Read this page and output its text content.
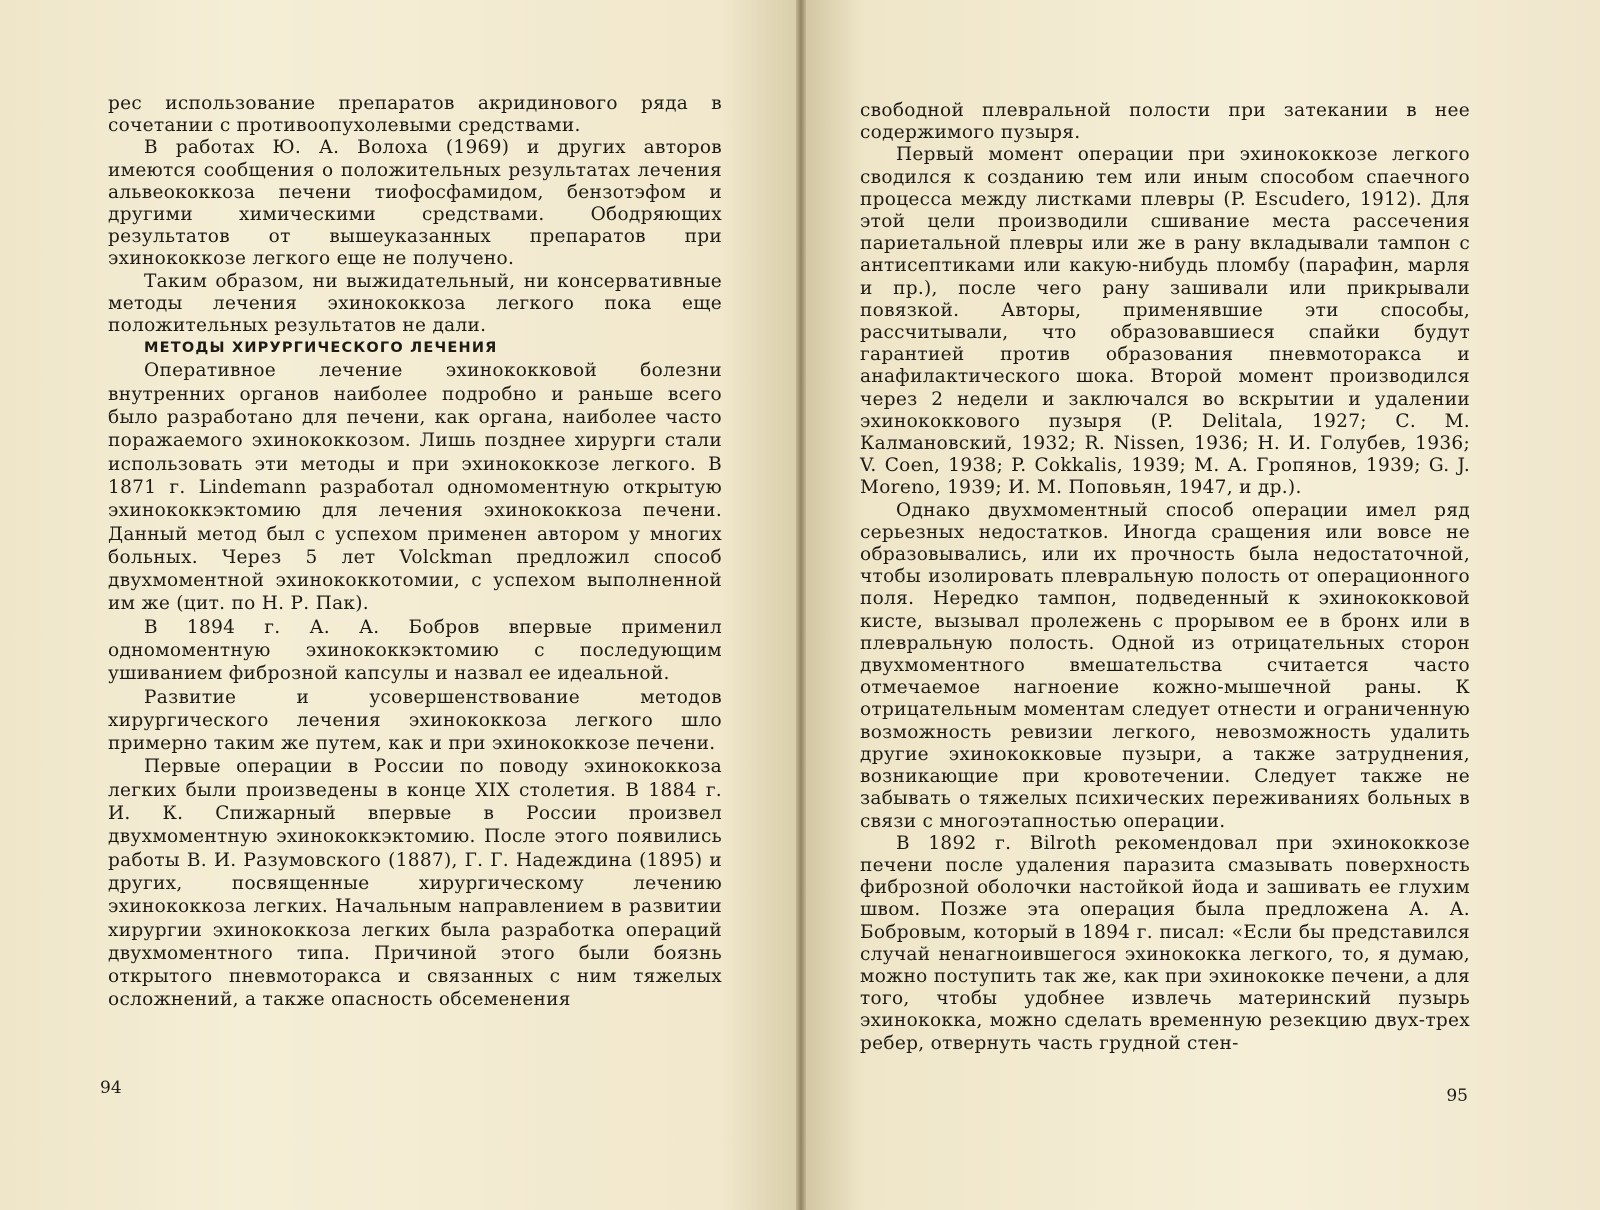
рес использование препаратов акридинового ряда в сочетании с противоопухолевыми средствами.

В работах Ю. А. Волоха (1969) и других авторов имеются сообщения о положительных результатах лечения альвеококкоза печени тиофосфамидом, бензотэфом и другими химическими средствами. Ободряющих результатов от вышеуказанных препаратов при эхинококкозе легкого еще не получено.

Таким образом, ни выжидательный, ни консервативные методы лечения эхинококкоза легкого пока еще положительных результатов не дали.

МЕТОДЫ ХИРУРГИЧЕСКОГО ЛЕЧЕНИЯ

Оперативное лечение эхинококковой болезни внутренних органов наиболее подробно и раньше всего было разработано для печени, как органа, наиболее часто поражаемого эхинококкозом. Лишь позднее хирурги стали использовать эти методы и при эхинококкозе легкого. В 1871 г. Lindemann разработал одномоментную открытую эхинококкэктомию для лечения эхинококкоза печени. Данный метод был с успехом применен автором у многих больных. Через 5 лет Volckman предложил способ двухмоментной эхинококкотомии, с успехом выполненной им же (цит. по Н. Р. Пак).

В 1894 г. А. А. Бобров впервые применил одномоментную эхинококкэктомию с последующим ушиванием фиброзной капсулы и назвал ее идеальной.

Развитие и усовершенствование методов хирургического лечения эхинококкоза легкого шло примерно таким же путем, как и при эхинококкозе печени.

Первые операции в России по поводу эхинококкоза легких были произведены в конце XIX столетия. В 1884 г. И. К. Спижарный впервые в России произвел двухмоментную эхинококкэктомию. После этого появились работы В. И. Разумовского (1887), Г. Г. Надеждина (1895) и других, посвященные хирургическому лечению эхинококкоза легких. Начальным направлением в развитии хирургии эхинококкоза легких была разработка операций двухмоментного типа. Причиной этого были боязнь открытого пневмоторакса и связанных с ним тяжелых осложнений, а также опасность обсеменения

94

свободной плевральной полости при затекании в нее содержимого пузыря.

Первый момент операции при эхинококкозе легкого сводился к созданию тем или иным способом спаечного процесса между листками плевры (P. Escudero, 1912). Для этой цели производили сшивание места рассечения париетальной плевры или же в рану вкладывали тампон с антисептиками или какую-нибудь пломбу (парафин, марля и пр.), после чего рану зашивали или прикрывали повязкой. Авторы, применявшие эти способы, рассчитывали, что образовавшиеся спайки будут гарантией против образования пневмоторакса и анафилактического шока. Второй момент производился через 2 недели и заключался во вскрытии и удалении эхинококкового пузыря (P. Delitala, 1927; С. М. Калмановский, 1932; R. Nissen, 1936; Н. И. Голубев, 1936; V. Coen, 1938; P. Cokkalis, 1939; М. А. Гропянов, 1939; G. J. Moreno, 1939; И. М. Поповьян, 1947, и др.).

Однако двухмоментный способ операции имел ряд серьезных недостатков. Иногда сращения или вовсе не образовывались, или их прочность была недостаточной, чтобы изолировать плевральную полость от операционного поля. Нередко тампон, подведенный к эхинококковой кисте, вызывал пролежень с прорывом ее в бронх или в плевральную полость. Одной из отрицательных сторон двухмоментного вмешательства считается часто отмечаемое нагноение кожно-мышечной раны. К отрицательным моментам следует отнести и ограниченную возможность ревизии легкого, невозможность удалить другие эхинококковые пузыри, а также затруднения, возникающие при кровотечении. Следует также не забывать о тяжелых психических переживаниях больных в связи с многоэтапностью операции.

В 1892 г. Bilroth рекомендовал при эхинококкозе печени после удаления паразита смазывать поверхность фиброзной оболочки настойкой йода и зашивать ее глухим швом. Позже эта операция была предложена А. А. Бобровым, который в 1894 г. писал: «Если бы представился случай ненагноившегося эхинококка легкого, то, я думаю, можно поступить так же, как при эхинококке печени, а для того, чтобы удобнее извлечь материнский пузырь эхинококка, можно сделать временную резекцию двух-трех ребер, отвернуть часть грудной стен-

95
